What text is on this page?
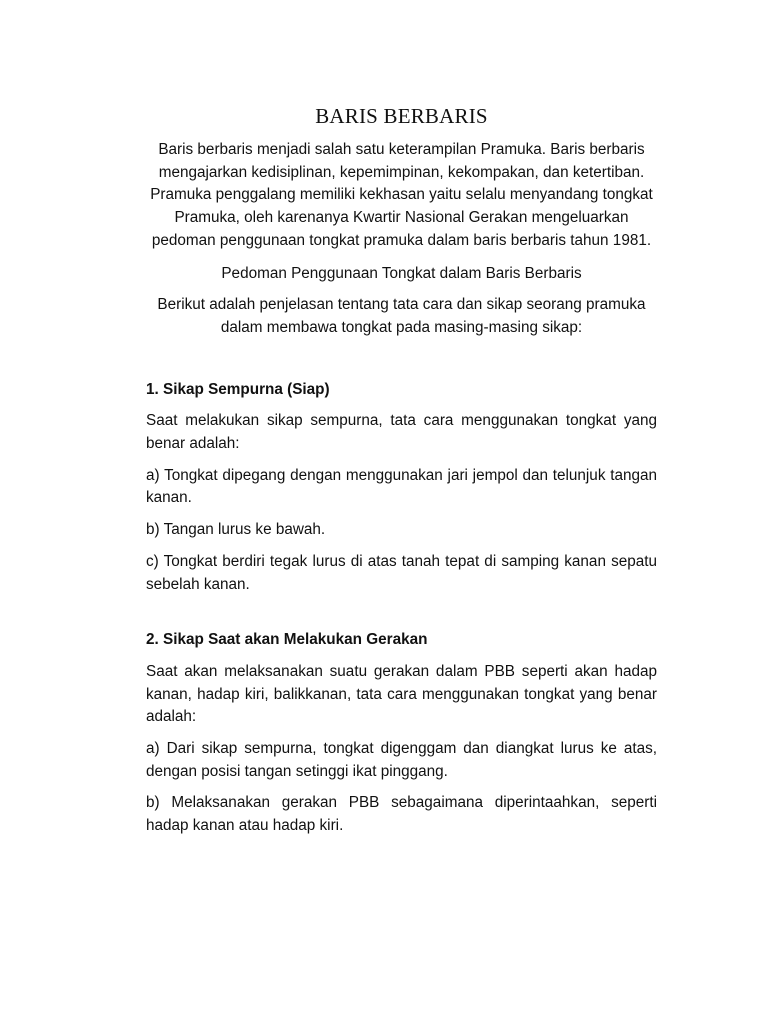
BARIS BERBARIS

Baris berbaris menjadi salah satu keterampilan Pramuka. Baris berbaris mengajarkan kedisiplinan, kepemimpinan, kekompakan, dan ketertiban. Pramuka penggalang memiliki kekhasan yaitu selalu menyandang tongkat Pramuka, oleh karenanya Kwartir Nasional Gerakan mengeluarkan pedoman penggunaan tongkat pramuka dalam baris berbaris tahun 1981.

Pedoman Penggunaan Tongkat dalam Baris Berbaris

Berikut adalah penjelasan tentang tata cara dan sikap seorang pramuka dalam membawa tongkat pada masing-masing sikap:

1. Sikap Sempurna (Siap)

Saat melakukan sikap sempurna, tata cara menggunakan tongkat yang benar adalah:

a) Tongkat dipegang dengan menggunakan jari jempol dan telunjuk tangan kanan.

b) Tangan lurus ke bawah.

c) Tongkat berdiri tegak lurus di atas tanah tepat di samping kanan sepatu sebelah kanan.

2. Sikap Saat akan Melakukan Gerakan

Saat akan melaksanakan suatu gerakan dalam PBB seperti akan hadap kanan, hadap kiri, balikkanan, tata cara menggunakan tongkat yang benar adalah:

a) Dari sikap sempurna, tongkat digenggam dan diangkat lurus ke atas, dengan posisi tangan setinggi ikat pinggang.

b) Melaksanakan gerakan PBB sebagaimana diperintaahkan, seperti hadap kanan atau hadap kiri.
